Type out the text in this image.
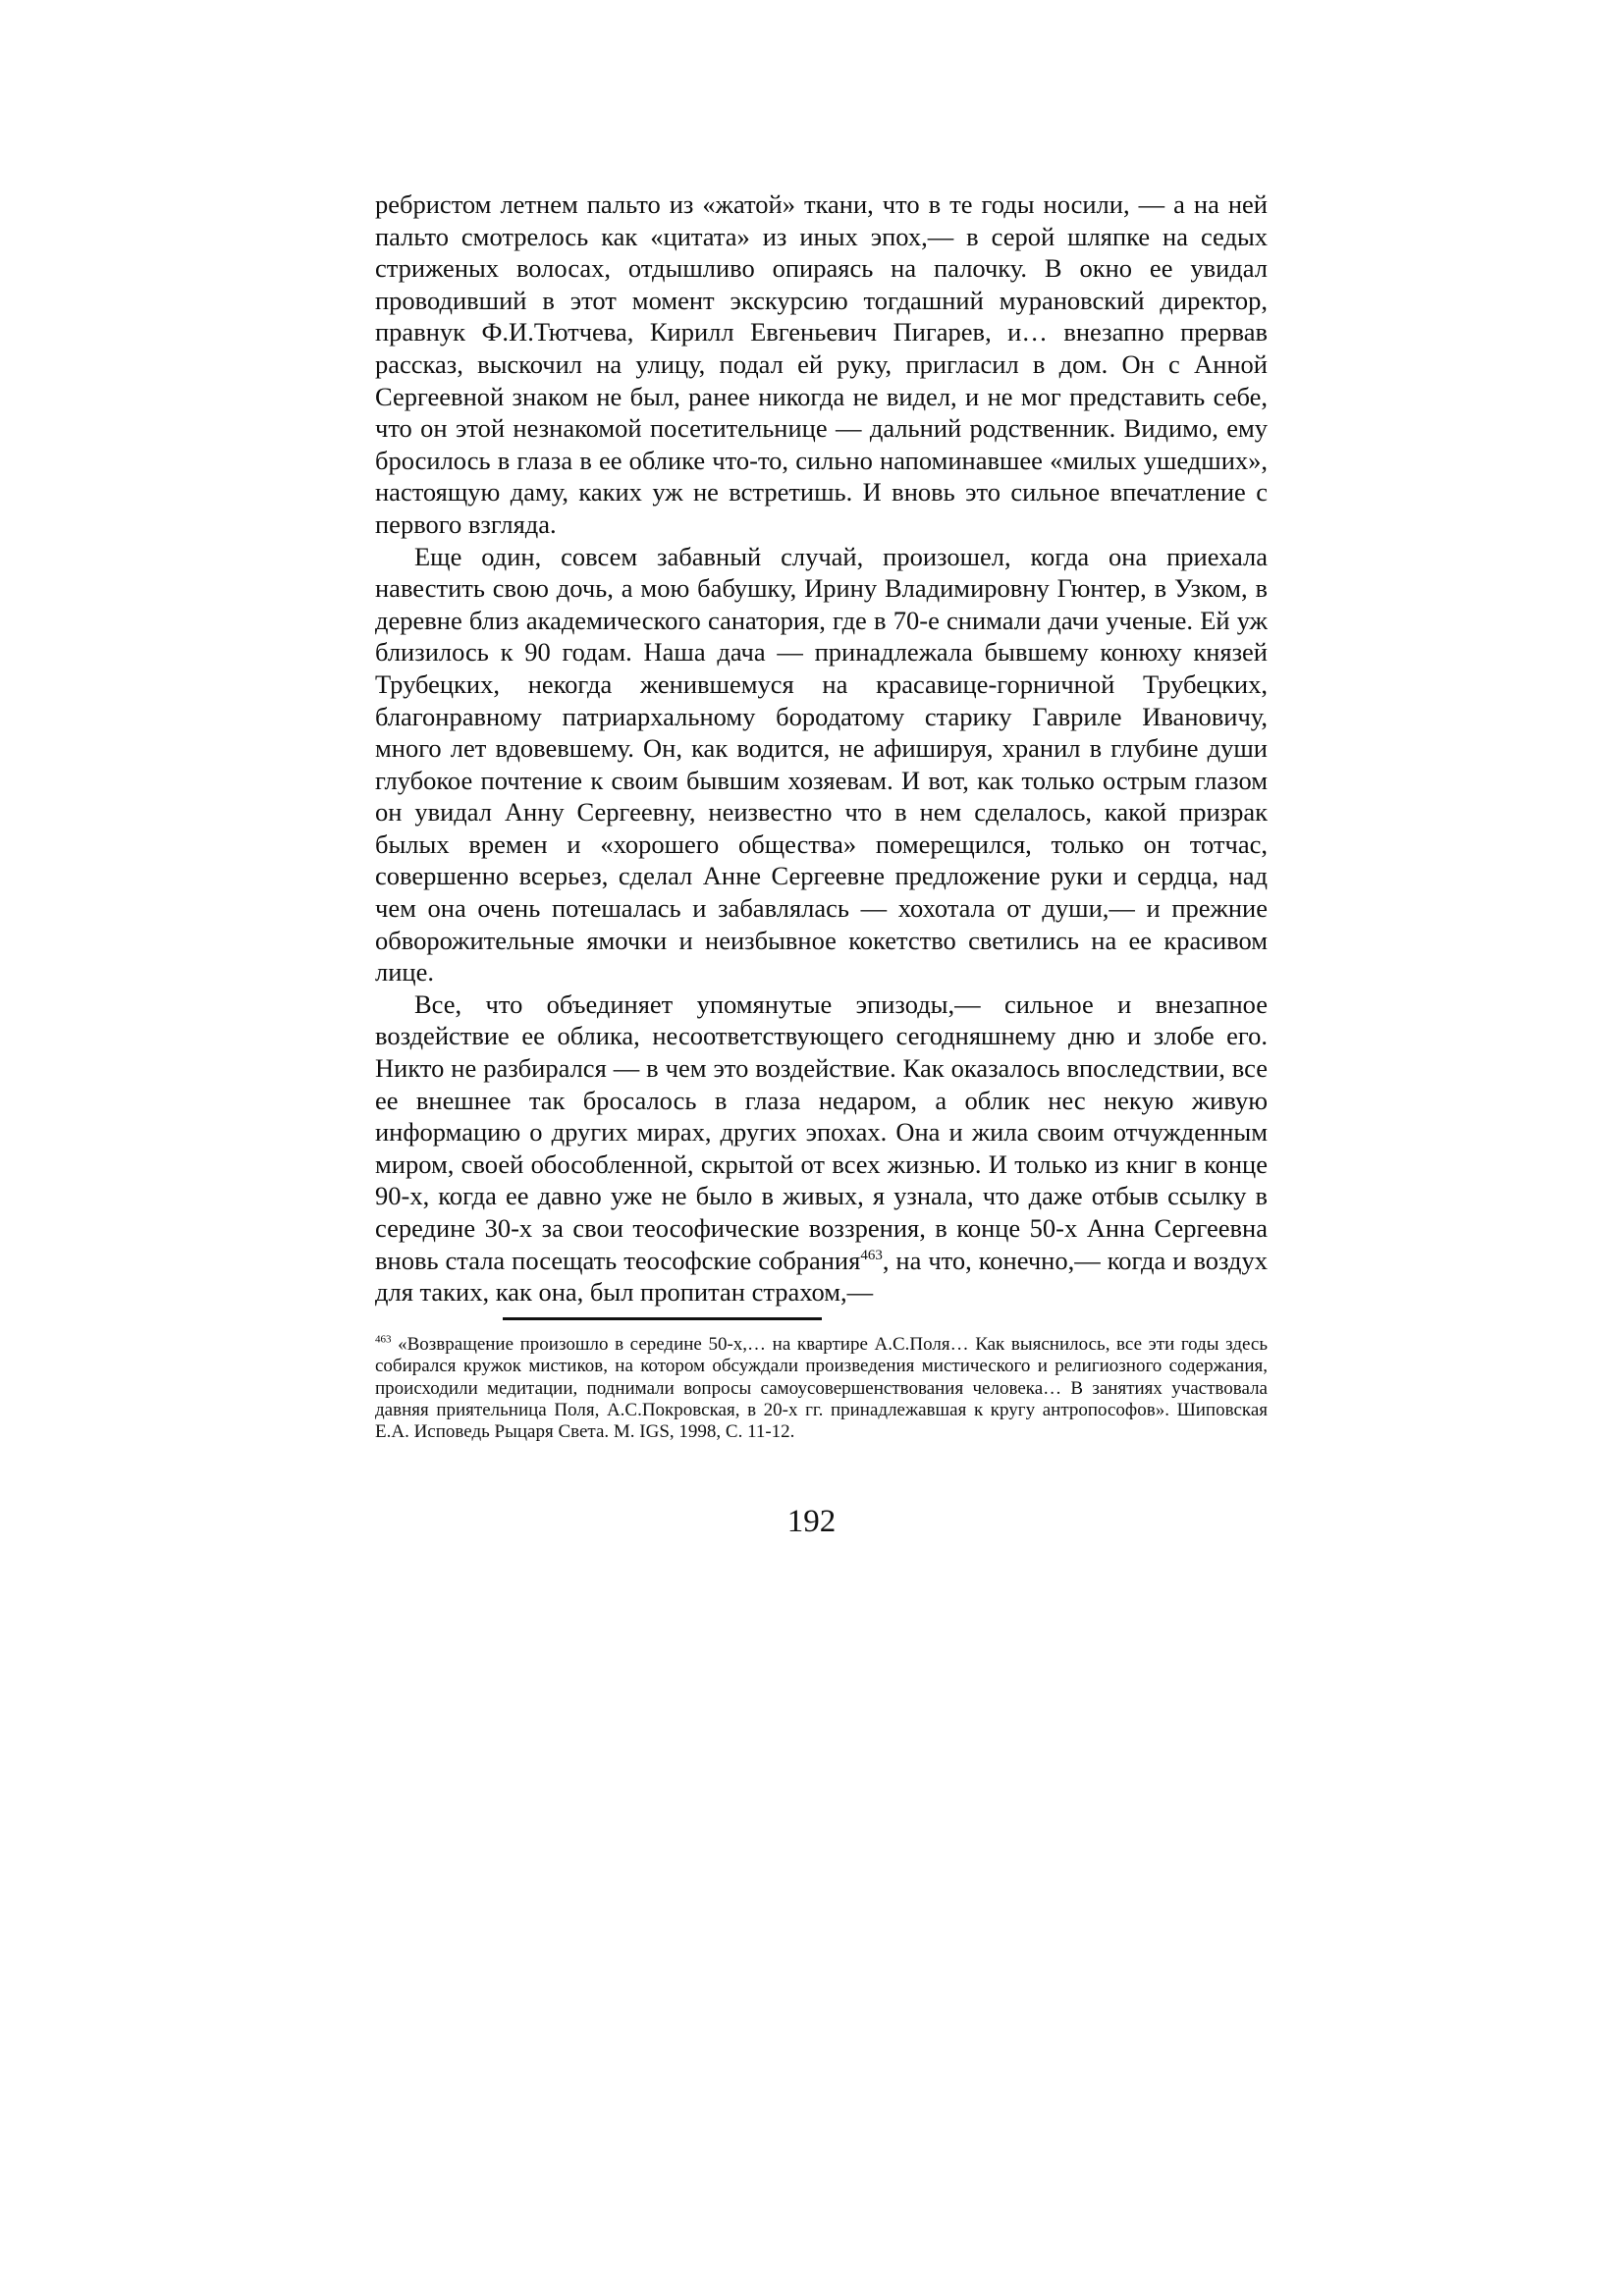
ребристом летнем пальто из «жатой» ткани, что в те годы носили, — а на ней пальто смотрелось как «цитата» из иных эпох,— в серой шляпке на седых стриженых волосах, отдышливо опираясь на палочку. В окно ее увидал проводивший в этот момент экскурсию тогдашний мурановский директор, правнук Ф.И.Тютчева, Кирилл Евгеньевич Пигарев, и… внезапно прервав рассказ, выскочил на улицу, подал ей руку, пригласил в дом. Он с Анной Сергеевной знаком не был, ранее никогда не видел, и не мог представить себе, что он этой незнакомой посетительнице — дальний родственник. Видимо, ему бросилось в глаза в ее облике что-то, сильно напоминавшее «милых ушедших», настоящую даму, каких уж не встретишь. И вновь это сильное впечатление с первого взгляда.

Еще один, совсем забавный случай, произошел, когда она приехала навестить свою дочь, а мою бабушку, Ирину Владимировну Гюнтер, в Узком, в деревне близ академического санатория, где в 70-е снимали дачи ученые. Ей уж близилось к 90 годам. Наша дача — принадлежала бывшему конюху князей Трубецких, некогда женившемуся на красавице-горничной Трубецких, благонравному патриархальному бородатому старику Гавриле Ивановичу, много лет вдовевшему. Он, как водится, не афишируя, хранил в глубине души глубокое почтение к своим бывшим хозяевам. И вот, как только острым глазом он увидал Анну Сергеевну, неизвестно что в нем сделалось, какой призрак былых времен и «хорошего общества» померещился, только он тотчас, совершенно всерьез, сделал Анне Сергеевне предложение руки и сердца, над чем она очень потешалась и забавлялась — хохотала от души,— и прежние обворожительные ямочки и неизбывное кокетство светились на ее красивом лице.

Все, что объединяет упомянутые эпизоды,— сильное и внезапное воздействие ее облика, несоответствующего сегодняшнему дню и злобе его. Никто не разбирался — в чем это воздействие. Как оказалось впоследствии, все ее внешнее так бросалось в глаза недаром, а облик нес некую живую информацию о других мирах, других эпохах. Она и жила своим отчужденным миром, своей обособленной, скрытой от всех жизнью. И только из книг в конце 90-х, когда ее давно уже не было в живых, я узнала, что даже отбыв ссылку в середине 30-х за свои теософические воззрения, в конце 50-х Анна Сергеевна вновь стала посещать теософские собрания$^{463}$, на что, конечно,— когда и воздух для таких, как она, был пропитан страхом,—

$^{463}$ «Возвращение произошло в середине 50-х,… на квартире А.С.Поля… Как выяснилось, все эти годы здесь собирался кружок мистиков, на котором обсуждали произведения мистического и религиозного содержания, происходили медитации, поднимали вопросы самоусовершенствования человека… В занятиях участвовала давняя приятельница Поля, А.С.Покровская, в 20-х гг. принадлежавшая к кругу антропософов». Шиповская Е.А. Исповедь Рыцаря Света. М. IGS, 1998, С. 11-12.

192
